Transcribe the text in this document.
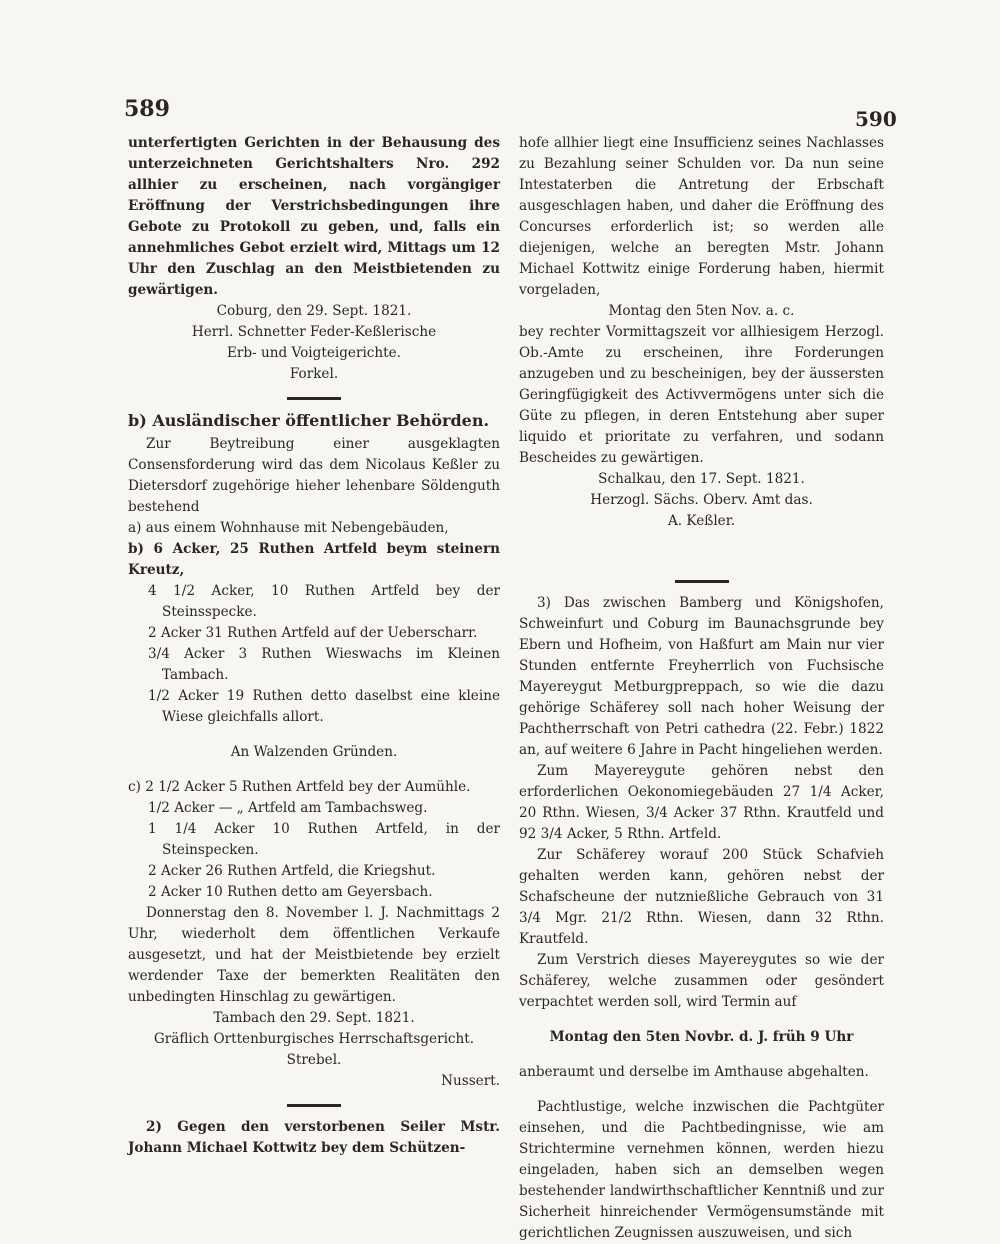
589	590

unterfertigten Gerichten in der Behausung des unterzeichneten Gerichtshalters Nro. 292 allhier zu erscheinen, nach vorgängiger Eröffnung der Verstrichsbedingungen ihre Gebote zu Protokoll zu geben, und, falls ein annehmliches Gebot erzielt wird, Mittags um 12 Uhr den Zuschlag an den Meistbietenden zu gewärtigen.

Coburg, den 29. Sept. 1821.

Herrl. Schnetter Feder-Keßlerische

Erb- und Voigteigerichte.

Forkel.

b) Ausländischer öffentlicher Behörden.

Zur Beytreibung einer ausgeklagten Consensforderung wird das dem Nicolaus Keßler zu Dietersdorf zugehörige hieher lehenbare Söldenguth bestehend

a) aus einem Wohnhause mit Nebengebäuden,

b) 6 Acker, 25 Ruthen Artfeld beym steinern Kreutz,

4 1/2 Acker, 10 Ruthen Artfeld bey der Steinsspecke.

2 Acker 31 Ruthen Artfeld auf der Ueberscharr.

3/4 Acker 3 Ruthen Wieswachs im Kleinen Tambach.

1/2 Acker 19 Ruthen detto daselbst eine kleine Wiese gleichfalls allort.

An Walzenden Gründen.

c) 2 1/2 Acker 5 Ruthen Artfeld bey der Aumühle.

1/2 Acker — „ Artfeld am Tambachsweg.

1 1/4 Acker 10 Ruthen Artfeld, in der Steinspecken.

2 Acker 26 Ruthen Artfeld, die Kriegshut.

2 Acker 10 Ruthen detto am Geyersbach.

Donnerstag den 8. November l. J. Nachmittags 2 Uhr, wiederholt dem öffentlichen Verkaufe ausgesetzt, und hat der Meistbietende bey erzielt werdender Taxe der bemerkten Realitäten den unbedingten Hinschlag zu gewärtigen.

Tambach den 29. Sept. 1821.

Gräflich Orttenburgisches Herrschaftsgericht.

Strebel.

Nussert.

2) Gegen den verstorbenen Seiler Mstr. Johann Michael Kottwitz bey dem Schützen-

hofe allhier liegt eine Insufficienz seines Nachlasses zu Bezahlung seiner Schulden vor. Da nun seine Intestaterben die Antretung der Erbschaft ausgeschlagen haben, und daher die Eröffnung des Concurses erforderlich ist; so werden alle diejenigen, welche an beregten Mstr. Johann Michael Kottwitz einige Forderung haben, hiermit vorgeladen,

Montag den 5ten Nov. a. c.

bey rechter Vormittagszeit vor allhiesigem Herzogl. Ob.-Amte zu erscheinen, ihre Forderungen anzugeben und zu bescheinigen, bey der äussersten Geringfügigkeit des Activvermögens unter sich die Güte zu pflegen, in deren Entstehung aber super liquido et prioritate zu verfahren, und sodann Bescheides zu gewärtigen.

Schalkau, den 17. Sept. 1821.

Herzogl. Sächs. Oberv. Amt das.

A. Keßler.

3) Das zwischen Bamberg und Königshofen, Schweinfurt und Coburg im Baunachsgrunde bey Ebern und Hofheim, von Haßfurt am Main nur vier Stunden entfernte Freyherrlich von Fuchsische Mayereygut Metburgpreppach, so wie die dazu gehörige Schäferey soll nach hoher Weisung der Pachtherrschaft von Petri cathedra (22. Febr.) 1822 an, auf weitere 6 Jahre in Pacht hingeliehen werden.

Zum Mayereygute gehören nebst den erforderlichen Oekonomiegebäuden 27 1/4 Acker, 20 Rthn. Wiesen, 3/4 Acker 37 Rthn. Krautfeld und 92 3/4 Acker, 5 Rthn. Artfeld.

Zur Schäferey worauf 200 Stück Schafvieh gehalten werden kann, gehören nebst der Schafscheune der nutznießliche Gebrauch von 31 3/4 Mgr. 21/2 Rthn. Wiesen, dann 32 Rthn. Krautfeld.

Zum Verstrich dieses Mayereygutes so wie der Schäferey, welche zusammen oder gesöndert verpachtet werden soll, wird Termin auf

Montag den 5ten Novbr. d. J. früh 9 Uhr

anberaumt und derselbe im Amthause abgehalten.

Pachtlustige, welche inzwischen die Pachtgüter einsehen, und die Pachtbedingnisse, wie am Strichtermine vernehmen können, werden hiezu eingeladen, haben sich an demselben wegen bestehender landwirthschaftlicher Kenntniß und zur Sicherheit hinreichender Vermögensumstände mit gerichtlichen Zeugnissen auszuweisen, und sich
